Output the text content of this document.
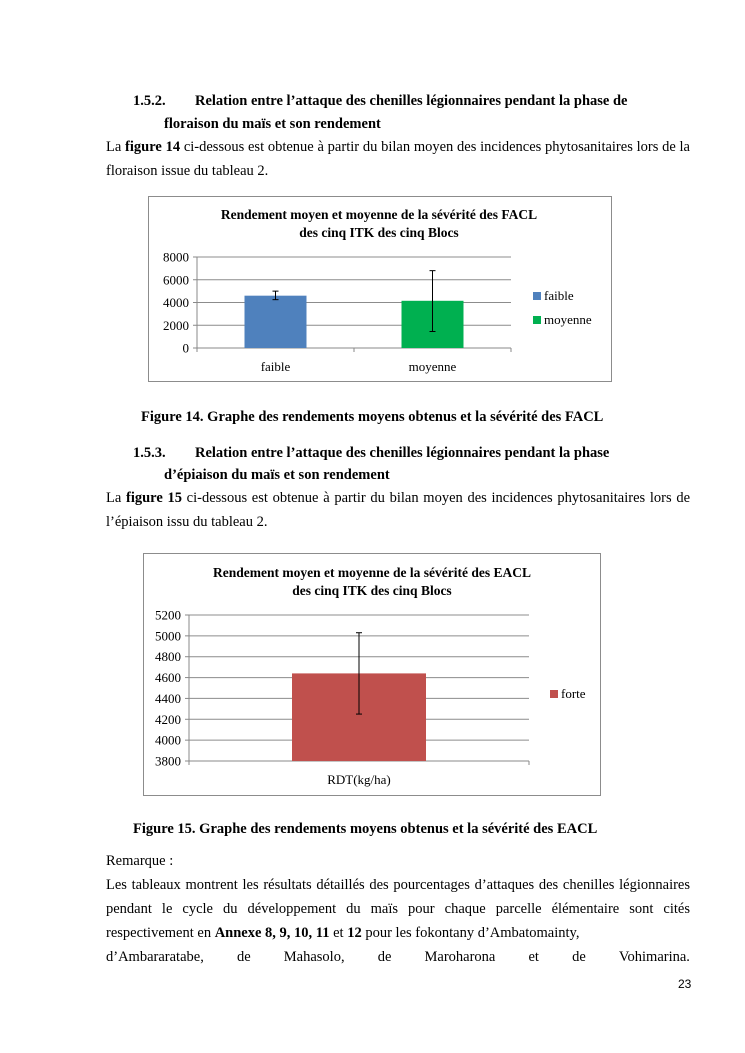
1.5.2. Relation entre l’attaque des chenilles légionnaires pendant la phase de
floraison du maïs et son rendement
La figure 14 ci-dessous est obtenue à partir du bilan moyen des incidences phytosanitaires lors de la floraison issue du tableau 2.
Rendement moyen et moyenne de la sévérité des FACL
des cinq ITK des cinq Blocs
0
2000
4000
6000
8000
faible	moyenne
faible
moyenne
Figure 14. Graphe des rendements moyens obtenus et la sévérité des FACL
1.5.3. Relation entre l’attaque des chenilles légionnaires pendant la phase
d’épiaison du maïs et son rendement
La figure 15 ci-dessous est obtenue à partir du bilan moyen des incidences phytosanitaires lors de l’épiaison issu du tableau 2.
Rendement moyen et moyenne de la sévérité des EACL
des cinq ITK des cinq Blocs
3800
4000
4200
4400
4600
4800
5000
5200
RDT(kg/ha)
forte
Figure 15. Graphe des rendements moyens obtenus et la sévérité des EACL
Remarque :
Les tableaux montrent les résultats détaillés des pourcentages d’attaques des chenilles légionnaires pendant le cycle du développement du maïs pour chaque parcelle élémentaire sont cités respectivement en Annexe 8, 9, 10, 11 et 12 pour les fokontany d’Ambatomainty,
d’Ambararatabe, de Mahasolo, de Maroharona et de Vohimarina.
23
